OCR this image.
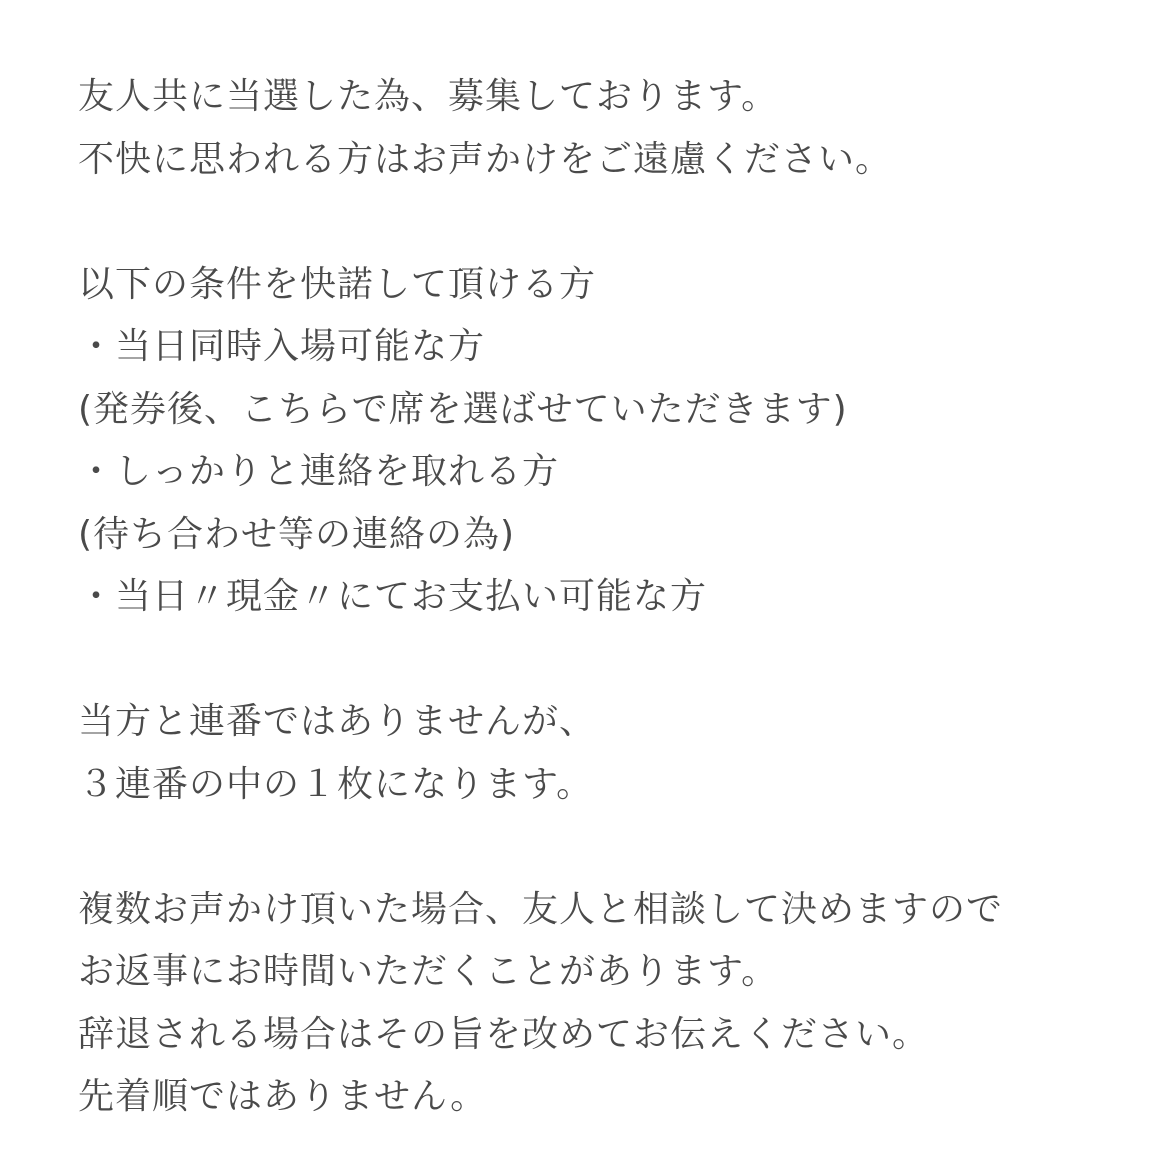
友人共に当選した為、募集しております。
不快に思われる方はお声かけをご遠慮ください。
以下の条件を快諾して頂ける方
・当日同時入場可能な方
(発券後、こちらで席を選ばせていただきます)
・しっかりと連絡を取れる方
(待ち合わせ等の連絡の為)
・当日〃現金〃にてお支払い可能な方
当方と連番ではありませんが、
３連番の中の１枚になります。
複数お声かけ頂いた場合、友人と相談して決めますので
お返事にお時間いただくことがあります。
辞退される場合はその旨を改めてお伝えください。
先着順ではありません。
